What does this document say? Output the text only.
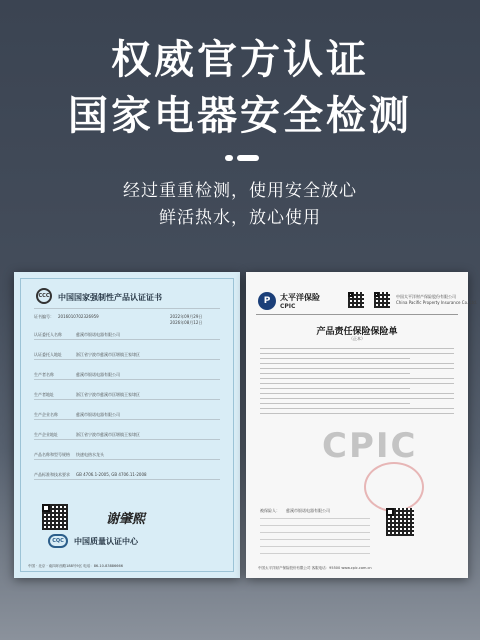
权威官方认证
国家电器安全检测
经过重重检测，使用安全放心
鲜活热水，放心使用
CCC	中国国家强制性产品认证证书
证书编号： 2016010702326959	2022年09月29日
2026年08月12日
谢肇熙
CQC	中国质量认证中心
中国 · 北京 · 南四环西路188号9区 电话：86-10-83886666
认证委托人名称	慈溪市银诺电器有限公司
认证委托人地址	浙江省宁波市慈溪市匡堰镇王家埭区
生产者名称	慈溪市银诺电器有限公司
生产者地址	浙江省宁波市慈溪市匡堰镇王家埭区
生产企业名称	慈溪市银诺电器有限公司
生产企业地址	浙江省宁波市慈溪市匡堰镇王家埭区
产品名称和型号规格 快速电热水龙头
产品标准和技术要求 GB 4706.1-2005, GB 4706.11-2008
P	太平洋保险
CPIC
中国太平洋财产保险股份有限公司
China Pacific Property Insurance Co.,Ltd.
产品责任保险保险单
（正本）
CPIC
被保险人： 慈溪市银诺电器有限公司
中国太平洋财产保险股份有限公司 客服电话：95500 www.cpic.com.cn
